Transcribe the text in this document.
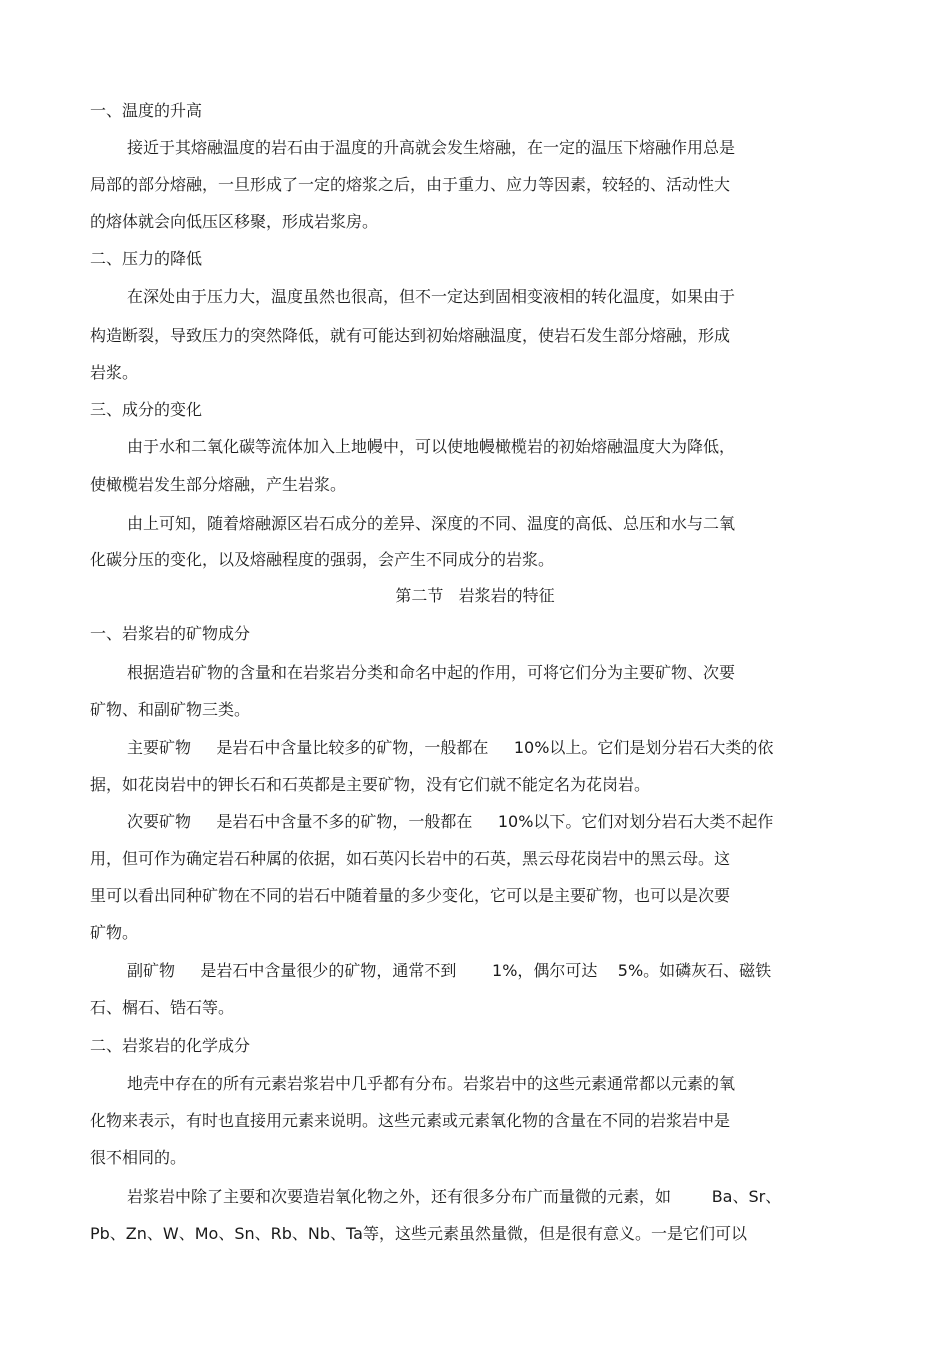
一、温度的升高
接近于其熔融温度的岩石由于温度的升高就会发生熔融，在一定的温压下熔融作用总是
局部的部分熔融，一旦形成了一定的熔浆之后，由于重力、应力等因素，较轻的、活动性大
的熔体就会向低压区移聚，形成岩浆房。
二、压力的降低
在深处由于压力大，温度虽然也很高，但不一定达到固相变液相的转化温度，如果由于
构造断裂，导致压力的突然降低，就有可能达到初始熔融温度，使岩石发生部分熔融，形成
岩浆。
三、成分的变化
由于水和二氧化碳等流体加入上地幔中，可以使地幔橄榄岩的初始熔融温度大为降低，
使橄榄岩发生部分熔融，产生岩浆。
由上可知，随着熔融源区岩石成分的差异、深度的不同、温度的高低、总压和水与二氧
化碳分压的变化，以及熔融程度的强弱，会产生不同成分的岩浆。
第二节   岩浆岩的特征
一、岩浆岩的矿物成分
根据造岩矿物的含量和在岩浆岩分类和命名中起的作用，可将它们分为主要矿物、次要
矿物、和副矿物三类。
主要矿物     是岩石中含量比较多的矿物，一般都在     10%以上。它们是划分岩石大类的依
据，如花岗岩中的钾长石和石英都是主要矿物，没有它们就不能定名为花岗岩。
次要矿物     是岩石中含量不多的矿物，一般都在     10%以下。它们对划分岩石大类不起作
用，但可作为确定岩石种属的依据，如石英闪长岩中的石英，黑云母花岗岩中的黑云母。这
里可以看出同种矿物在不同的岩石中随着量的多少变化，它可以是主要矿物，也可以是次要
矿物。
副矿物     是岩石中含量很少的矿物，通常不到       1%，偶尔可达    5%。如磷灰石、磁铁
石、榍石、锆石等。
二、岩浆岩的化学成分
地壳中存在的所有元素岩浆岩中几乎都有分布。岩浆岩中的这些元素通常都以元素的氧
化物来表示，有时也直接用元素来说明。这些元素或元素氧化物的含量在不同的岩浆岩中是
很不相同的。
岩浆岩中除了主要和次要造岩氧化物之外，还有很多分布广而量微的元素，如        Ba、Sr、
Pb、Zn、W、Mo、Sn、Rb、Nb、Ta等，这些元素虽然量微，但是很有意义。一是它们可以
